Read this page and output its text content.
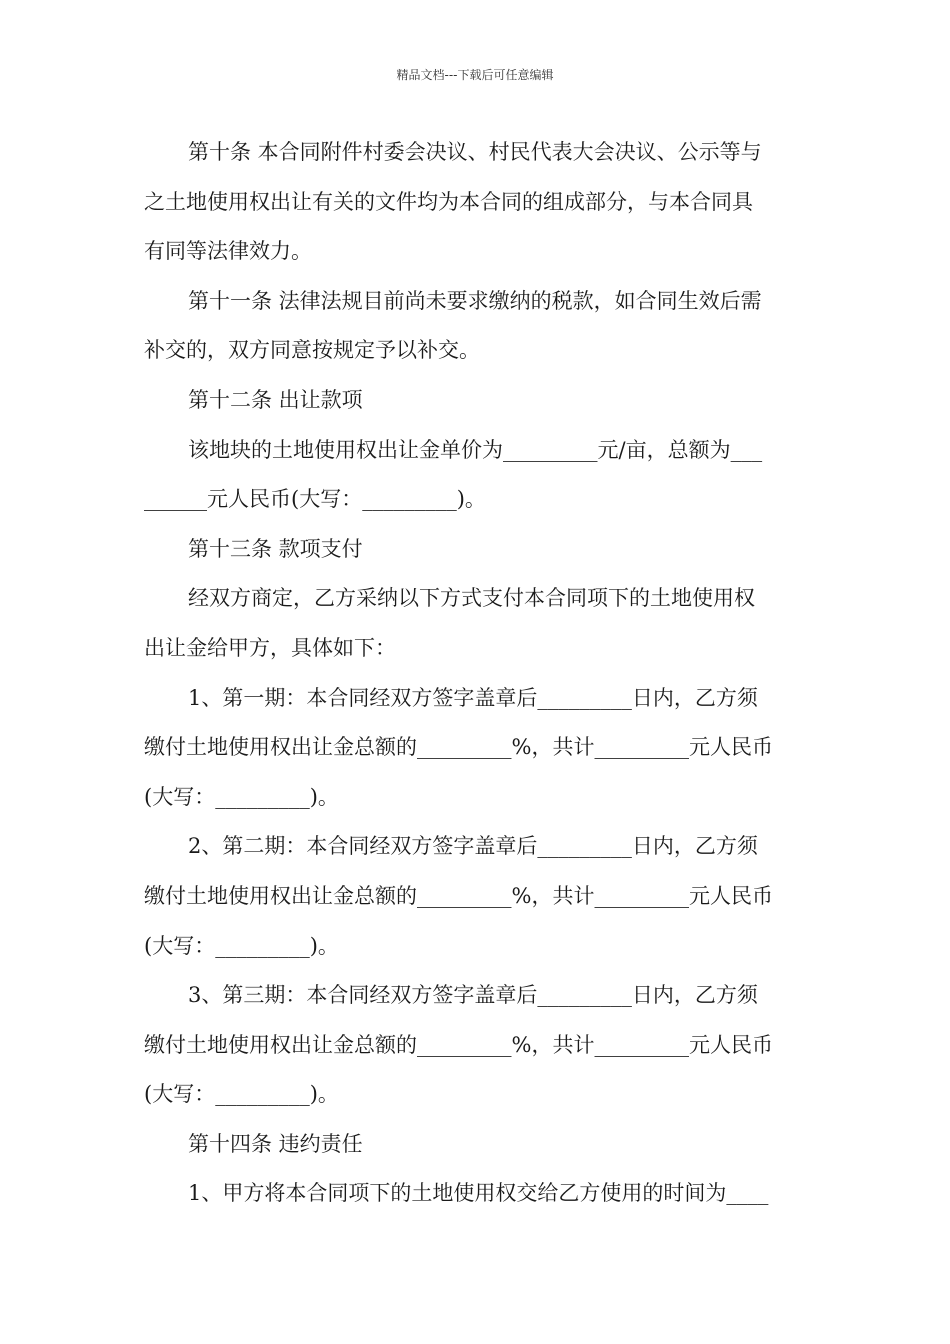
精品文档---下载后可任意编辑
第十条 本合同附件村委会决议、村民代表大会决议、公示等与
之土地使用权出让有关的文件均为本合同的组成部分，与本合同具
有同等法律效力。
第十一条 法律法规目前尚未要求缴纳的税款，如合同生效后需
补交的，双方同意按规定予以补交。
第十二条 出让款项
该地块的土地使用权出让金单价为_________元/亩，总额为___
______元人民币(大写：_________)。
第十三条 款项支付
经双方商定，乙方采纳以下方式支付本合同项下的土地使用权
出让金给甲方，具体如下：
1、第一期：本合同经双方签字盖章后_________日内，乙方须
缴付土地使用权出让金总额的_________%，共计_________元人民币
(大写：_________)。
2、第二期：本合同经双方签字盖章后_________日内，乙方须
缴付土地使用权出让金总额的_________%，共计_________元人民币
(大写：_________)。
3、第三期：本合同经双方签字盖章后_________日内，乙方须
缴付土地使用权出让金总额的_________%，共计_________元人民币
(大写：_________)。
第十四条 违约责任
1、甲方将本合同项下的土地使用权交给乙方使用的时间为____
